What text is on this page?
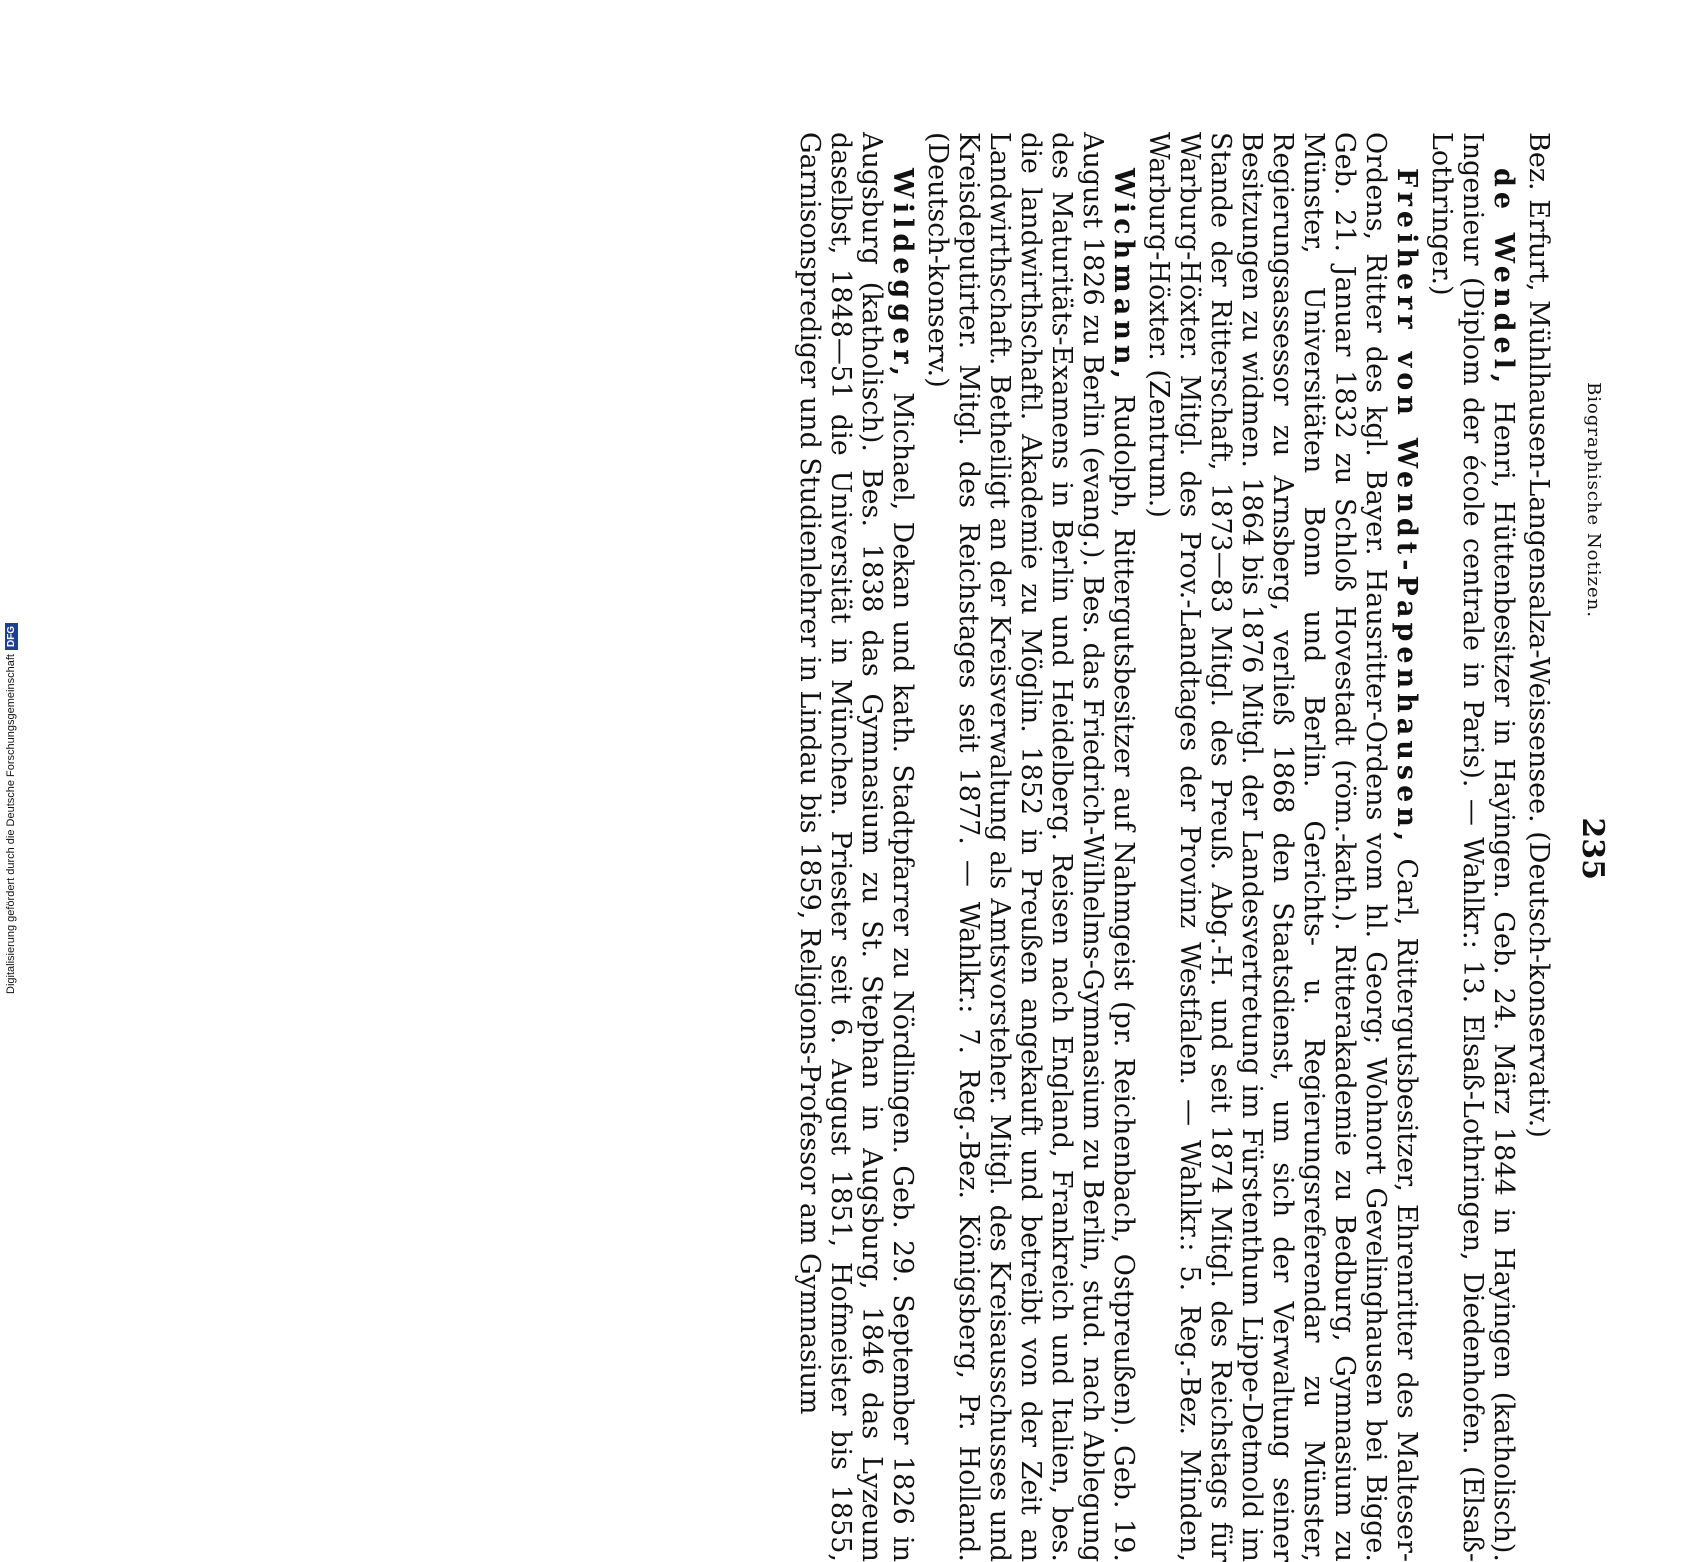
Biographische Notizen.
235

Bez. Erfurt, Mühlhausen-Langensalza-Weissensee. (Deutsch-konservativ.)

de Wendel, Henri, Hüttenbesitzer in Hayingen. Geb. 24. März 1844 in Hayingen (katholisch). Ingenieur (Diplom der école centrale in Paris). — Wahlkr.: 13. Elsaß-Lothringen, Diedenhofen. (Elsaß-Lothringer.)

Freiherr von Wendt-Papenhausen, Carl, Rittergutsbesitzer, Ehrenritter des Malteser-Ordens, Ritter des kgl. Bayer. Hausritter-Ordens vom hl. Georg; Wohnort Gevelinghausen bei Bigge. Geb. 21. Januar 1832 zu Schloß Hovestadt (röm.-kath.). Ritterakademie zu Bedburg, Gymnasium zu Münster, Universitäten Bonn und Berlin. Gerichts- u. Regierungsreferendar zu Münster, Regierungsassessor zu Arnsberg, verließ 1868 den Staatsdienst, um sich der Verwaltung seiner Besitzungen zu widmen. 1864 bis 1876 Mitgl. der Landesvertretung im Fürstenthum Lippe-Detmold im Stande der Ritterschaft, 1873—83 Mitgl. des Preuß. Abg.-H. und seit 1874 Mitgl. des Reichstags für Warburg-Höxter. Mitgl. des Prov.-Landtages der Provinz Westfalen. — Wahlkr.: 5. Reg.-Bez. Minden, Warburg-Höxter. (Zentrum.)

Wichmann, Rudolph, Rittergutsbesitzer auf Nahmgeist (pr. Reichenbach, Ostpreußen). Geb. 19. August 1826 zu Berlin (evang.). Bes. das Friedrich-Wilhelms-Gymnasium zu Berlin, stud. nach Ablegung des Maturitäts-Examens in Berlin und Heidelberg. Reisen nach England, Frankreich und Italien, bes. die landwirthschaftl. Akademie zu Möglin. 1852 in Preußen angekauft und betreibt von der Zeit an Landwirthschaft. Betheiligt an der Kreisverwaltung als Amtsvorsteher. Mitgl. des Kreisausschusses und Kreisdeputirter. Mitgl. des Reichstages seit 1877. — Wahlkr.: 7. Reg.-Bez. Königsberg, Pr. Holland. (Deutsch-konserv.)

Wildegger, Michael, Dekan und kath. Stadtpfarrer zu Nördlingen. Geb. 29. September 1826 in Augsburg (katholisch). Bes. 1838 das Gymnasium zu St. Stephan in Augsburg, 1846 das Lyzeum daselbst, 1848—51 die Universität in München. Priester seit 6. August 1851, Hofmeister bis 1855, Garnisonsprediger und Studienlehrer in Lindau bis 1859, Religions-Professor am Gymnasium

Digitalisierung gefördert durch die Deutsche Forschungsgemeinschaft
DFG
